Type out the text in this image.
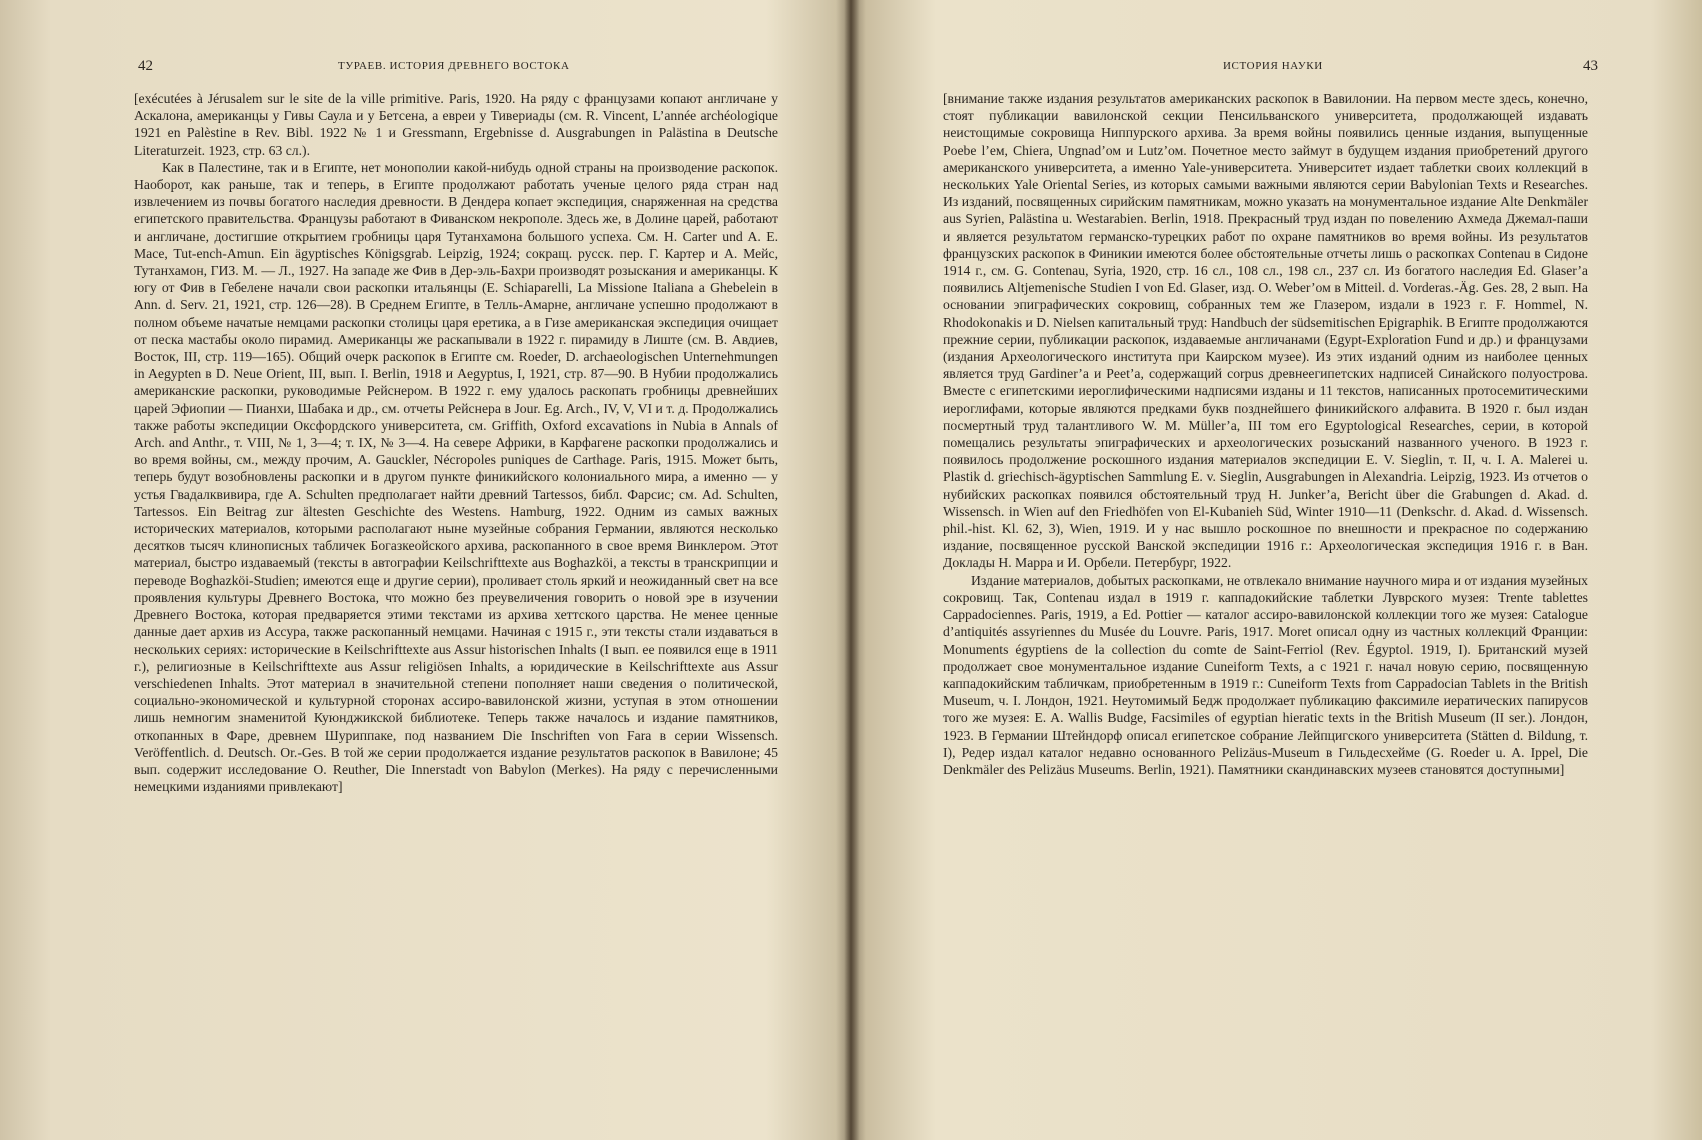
42	ТУРАЕВ. ИСТОРИЯ ДРЕВНЕГО ВОСТОКА

[exécutées à Jérusalem sur le site de la ville primitive. Paris, 1920. На ряду с французами копают англичане у Аскалона, американцы у Гивы Саула и у Бетсена, а евреи у Тивериады (см. R. Vincent, L’année archéologique 1921 en Palèstine в Rev. Bibl. 1922 № 1 и Gressmann, Ergebnisse d. Ausgrabungen in Palästina в Deutsche Literaturzeit. 1923, стр. 63 сл.).

Как в Палестине, так и в Египте, нет монополии какой-нибудь одной страны на производение раскопок. Наоборот, как раньше, так и теперь, в Египте продолжают работать ученые целого ряда стран над извлечением из почвы богатого наследия древности. В Дендера копает экспедиция, снаряженная на средства египетского правительства. Французы работают в Фиванском некрополе. Здесь же, в Долине царей, работают и англичане, достигшие открытием гробницы царя Тутанхамона большого успеха. См. H. Carter und A. E. Mace, Tut-ench-Amun. Ein ägyptisches Königsgrab. Leipzig, 1924; сокращ. русск. пер. Г. Картер и А. Мейс, Тутанхамон, ГИЗ. М. — Л., 1927. На западе же Фив в Дер-эль-Бахри производят розыскания и американцы. К югу от Фив в Гебелене начали свои раскопки итальянцы (E. Schiaparelli, La Missione Italiana a Ghebelein в Ann. d. Serv. 21, 1921, стр. 126—28). В Среднем Египте, в Телль-Амарне, англичане успешно продолжают в полном объеме начатые немцами раскопки столицы царя еретика, а в Гизе американская экспедиция очищает от песка мастабы около пирамид. Американцы же раскапывали в 1922 г. пирамиду в Лиште (см. В. Авдиев, Восток, III, стр. 119—165). Общий очерк раскопок в Египте см. Roeder, D. archaeologischen Unternehmungen in Aegypten в D. Neue Orient, III, вып. I. Berlin, 1918 и Aegyptus, I, 1921, стр. 87—90. В Нубии продолжались американские раскопки, руководимые Рейснером. В 1922 г. ему удалось раскопать гробницы древнейших царей Эфиопии — Пианхи, Шабака и др., см. отчеты Рейснера в Jour. Eg. Arch., IV, V, VI и т. д. Продолжались также работы экспедиции Оксфордского университета, см. Griffith, Oxford excavations in Nubia в Annals of Arch. and Anthr., т. VIII, № 1, 3—4; т. IX, № 3—4. На севере Африки, в Карфагене раскопки продолжались и во время войны, см., между прочим, A. Gauckler, Nécropoles puniques de Carthage. Paris, 1915. Может быть, теперь будут возобновлены раскопки и в другом пункте финикийского колониального мира, а именно — у устья Гвадалквивира, где A. Schulten предполагает найти древний Tartessos, библ. Фарсис; см. Ad. Schulten, Tartessos. Ein Beitrag zur ältesten Geschichte des Westens. Hamburg, 1922. Одним из самых важных исторических материалов, которыми располагают ныне музейные собрания Германии, являются несколько десятков тысяч клинописных табличек Богазкеойского архива, раскопанного в свое время Винклером. Этот материал, быстро издаваемый (тексты в автографии Keilschrifttexte aus Boghazköi, а тексты в транскрипции и переводе Boghazköi-Studien; имеются еще и другие серии), проливает столь яркий и неожиданный свет на все проявления культуры Древнего Востока, что можно без преувеличения говорить о новой эре в изучении Древнего Востока, которая предваряется этими текстами из архива хеттского царства. Не менее ценные данные дает архив из Ассура, также раскопанный немцами. Начиная с 1915 г., эти тексты стали издаваться в нескольких сериях: исторические в Keilschrifttexte aus Assur historischen Inhalts (I вып. ее появился еще в 1911 г.), религиозные в Keilschrifttexte aus Assur religiösen Inhalts, а юридические в Keilschrifttexte aus Assur verschiedenen Inhalts. Этот материал в значительной степени пополняет наши сведения о политической, социально-экономической и культурной сторонах ассиро-вавилонской жизни, уступая в этом отношении лишь немногим знаменитой Куюнджикской библиотеке. Теперь также началось и издание памятников, откопанных в Фаре, древнем Шуриппаке, под названием Die Inschriften von Fara в серии Wissensch. Veröffentlich. d. Deutsch. Or.-Ges. В той же серии продолжается издание результатов раскопок в Вавилоне; 45 вып. содержит исследование O. Reuther, Die Innerstadt von Babylon (Merkes). На ряду с перечисленными немецкими изданиями привлекают]

ИСТОРИЯ НАУКИ	43

[внимание также издания результатов американских раскопок в Вавилонии. На первом месте здесь, конечно, стоят публикации вавилонской секции Пенсильванского университета, продолжающей издавать неистощимые сокровища Ниппурского архива. За время войны появились ценные издания, выпущенные Poebe l’ем, Chiera, Ungnad’ом и Lutz’ом. Почетное место займут в будущем издания приобретений другого американского университета, а именно Yale-университета. Университет издает таблетки своих коллекций в нескольких Yale Oriental Series, из которых самыми важными являются серии Babylonian Texts и Researches. Из изданий, посвященных сирийским памятникам, можно указать на монументальное издание Alte Denkmäler aus Syrien, Palästina u. Westarabien. Berlin, 1918. Прекрасный труд издан по повелению Ахмеда Джемал-паши и является результатом германско-турецких работ по охране памятников во время войны. Из результатов французских раскопок в Финикии имеются более обстоятельные отчеты лишь о раскопках Contenau в Сидоне 1914 г., см. G. Contenau, Syria, 1920, стр. 16 сл., 108 сл., 198 сл., 237 сл. Из богатого наследия Ed. Glaser’а появились Altjemenische Studien I von Ed. Glaser, изд. O. Weber’ом в Mitteil. d. Vorderas.-Äg. Ges. 28, 2 вып. На основании эпиграфических сокровищ, собранных тем же Глазером, издали в 1923 г. F. Hommel, N. Rhodokonakis и D. Nielsen капитальный труд: Handbuch der südsemitischen Epigraphik. В Египте продолжаются прежние серии, публикации раскопок, издаваемые англичанами (Egypt-Exploration Fund и др.) и французами (издания Археологического института при Каирском музее). Из этих изданий одним из наиболее ценных является труд Gardiner’а и Peet’а, содержащий corpus древнеегипетских надписей Синайского полуострова. Вместе с египетскими иероглифическими надписями изданы и 11 текстов, написанных протосемитическими иероглифами, которые являются предками букв позднейшего финикийского алфавита. В 1920 г. был издан посмертный труд талантливого W. M. Müller’а, III том его Egyptological Researches, серии, в которой помещались результаты эпиграфических и археологических розысканий названного ученого. В 1923 г. появилось продолжение роскошного издания материалов экспедиции E. V. Sieglin, т. II, ч. I. A. Malerei u. Plastik d. griechisch-ägyptischen Sammlung E. v. Sieglin, Ausgrabungen in Alexandria. Leipzig, 1923. Из отчетов о нубийских раскопках появился обстоятельный труд H. Junker’а, Bericht über die Grabungen d. Akad. d. Wissensch. in Wien auf den Friedhöfen von El-Kubanieh Süd, Winter 1910—11 (Denkschr. d. Akad. d. Wissensch. phil.-hist. Kl. 62, 3), Wien, 1919. И у нас вышло роскошное по внешности и прекрасное по содержанию издание, посвященное русской Ванской экспедиции 1916 г.: Археологическая экспедиция 1916 г. в Ван. Доклады Н. Марра и И. Орбели. Петербург, 1922.

Издание материалов, добытых раскопками, не отвлекало внимание научного мира и от издания музейных сокровищ. Так, Contenau издал в 1919 г. каппадокийские таблетки Луврского музея: Trente tablettes Cappadociennes. Paris, 1919, а Ed. Pottier — каталог ассиро-вавилонской коллекции того же музея: Catalogue d’antiquités assyriennes du Musée du Louvre. Paris, 1917. Moret описал одну из частных коллекций Франции: Monuments égyptiens de la collection du comte de Saint-Ferriol (Rev. Égyptol. 1919, I). Британский музей продолжает свое монументальное издание Cuneiform Texts, а с 1921 г. начал новую серию, посвященную каппадокийским табличкам, приобретенным в 1919 г.: Cuneiform Texts from Cappadocian Tablets in the British Museum, ч. I. Лондон, 1921. Неутомимый Бедж продолжает публикацию факсимиле иератических папирусов того же музея: E. A. Wallis Budge, Facsimiles of egyptian hieratic texts in the British Museum (II ser.). Лондон, 1923. В Германии Штейндорф описал египетское собрание Лейпцигского университета (Stätten d. Bildung, т. I), Редер издал каталог недавно основанного Pelizäus-Museum в Гильдесхейме (G. Roeder u. A. Ippel, Die Denkmäler des Pelizäus Museums. Berlin, 1921). Памятники скандинавских музеев становятся доступными]
